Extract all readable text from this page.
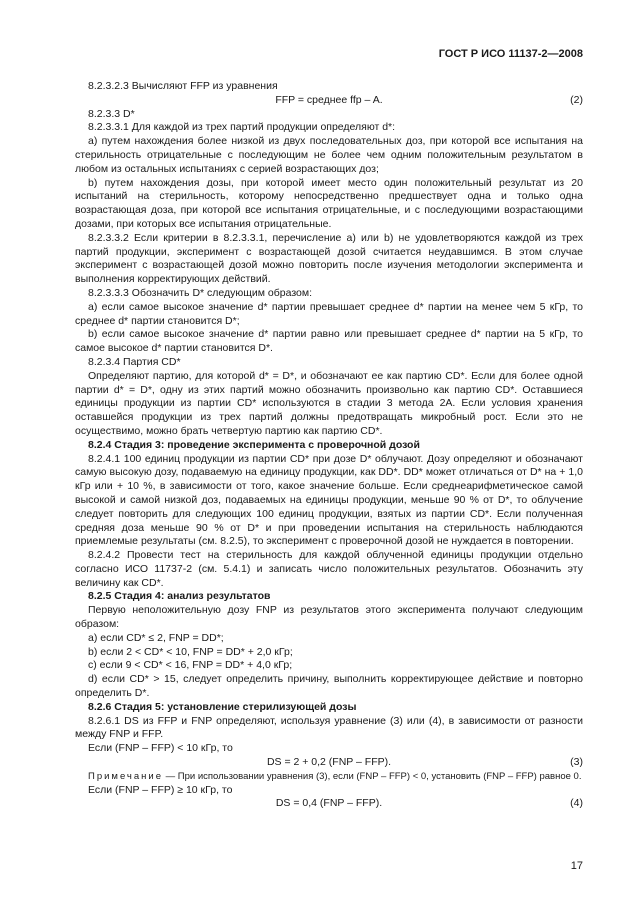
ГОСТ Р ИСО 11137-2—2008

8.2.3.2.3 Вычисляют FFP из уравнения

FFP = среднее ffp – A.	(2)

8.2.3.3 D*

8.2.3.3.1 Для каждой из трех партий продукции определяют d*:

a) путем нахождения более низкой из двух последовательных доз, при которой все испытания на стерильность отрицательные с последующим не более чем одним положительным результатом в любом из остальных испытаниях с серией возрастающих доз;

b) путем нахождения дозы, при которой имеет место один положительный результат из 20 испытаний на стерильность, которому непосредственно предшествует одна и только одна возрастающая доза, при которой все испытания отрицательные, и с последующими возрастающими дозами, при которых все испытания отрицательные.

8.2.3.3.2 Если критерии в 8.2.3.3.1, перечисление а) или b) не удовлетворяются каждой из трех партий продукции, эксперимент с возрастающей дозой считается неудавшимся. В этом случае эксперимент с возрастающей дозой можно повторить после изучения методологии эксперимента и выполнения корректирующих действий.

8.2.3.3.3 Обозначить D* следующим образом:

a) если самое высокое значение d* партии превышает среднее d* партии на менее чем 5 кГр, то среднее d* партии становится D*;

b) если самое высокое значение d* партии равно или превышает среднее d* партии на 5 кГр, то самое высокое d* партии становится D*.

8.2.3.4 Партия CD*

Определяют партию, для которой d* = D*, и обозначают ее как партию CD*. Если для более одной партии d* = D*, одну из этих партий можно обозначить произвольно как партию CD*. Оставшиеся единицы продукции из партии CD* используются в стадии 3 метода 2А. Если условия хранения оставшейся продукции из трех партий должны предотвращать микробный рост. Если это не осуществимо, можно брать четвертую партию как партию CD*.

8.2.4 Стадия 3: проведение эксперимента с проверочной дозой

8.2.4.1 100 единиц продукции из партии CD* при дозе D* облучают. Дозу определяют и обозначают самую высокую дозу, подаваемую на единицу продукции, как DD*. DD* может отличаться от D* на + 1,0 кГр или + 10 %, в зависимости от того, какое значение больше. Если среднеарифметическое самой высокой и самой низкой доз, подаваемых на единицы продукции, меньше 90 % от D*, то облучение следует повторить для следующих 100 единиц продукции, взятых из партии CD*. Если полученная средняя доза меньше 90 % от D* и при проведении испытания на стерильность наблюдаются приемлемые результаты (см. 8.2.5), то эксперимент с проверочной дозой не нуждается в повторении.

8.2.4.2 Провести тест на стерильность для каждой облученной единицы продукции отдельно согласно ИСО 11737-2 (см. 5.4.1) и записать число положительных результатов. Обозначить эту величину как CD*.

8.2.5 Стадия 4: анализ результатов

Первую неположительную дозу FNP из результатов этого эксперимента получают следующим образом:

а) если CD* ≤ 2, FNP = DD*;

b) если 2 < CD* < 10, FNP = DD* + 2,0 кГр;

c) если 9 < CD* < 16, FNP = DD* + 4,0 кГр;

d) если CD* > 15, следует определить причину, выполнить корректирующее действие и повторно определить D*.

8.2.6 Стадия 5: установление стерилизующей дозы

8.2.6.1 DS из FFP и FNP определяют, используя уравнение (3) или (4), в зависимости от разности между FNP и FFP.

Если (FNP – FFP) < 10 кГр, то

DS = 2 + 0,2 (FNP – FFP).	(3)

Примечание — При использовании уравнения (3), если (FNP – FFP) < 0, установить (FNP – FFP) равное 0.

Если (FNP – FFP) ≥ 10 кГр, то

DS = 0,4 (FNP – FFP).	(4)
17
